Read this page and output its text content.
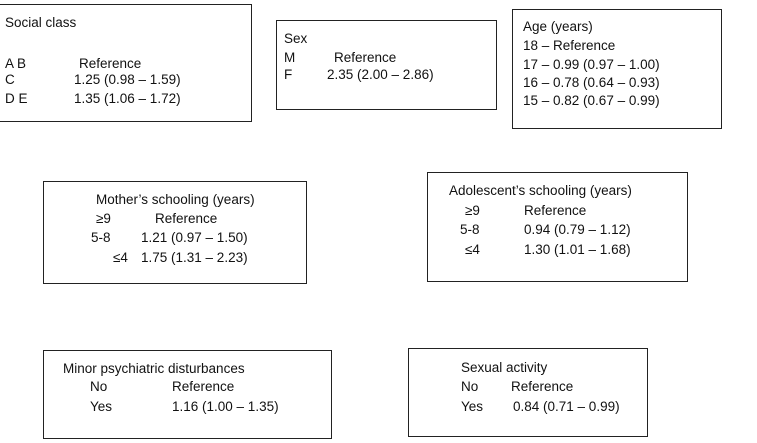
Social class
A B	Reference
C	1.25 (0.98 – 1.59)
D E	1.35 (1.06 – 1.72)
Sex
M	Reference
F	2.35 (2.00 – 2.86)
Age (years)
18 – Reference
17 – 0.99 (0.97 – 1.00)
16 – 0.78 (0.64 – 0.93)
15 – 0.82 (0.67 – 0.99)
Mother’s schooling (years)
≥9	Reference
5-8 1.21 (0.97 – 1.50)
≤4 1.75 (1.31 – 2.23)
Adolescent’s schooling (years)
≥9	Reference
5-8	0.94 (0.79 – 1.12)
≤4	1.30 (1.01 – 1.68)
Minor psychiatric disturbances
No	Reference
Yes	1.16 (1.00 – 1.35)
Sexual activity
No Reference
Yes 0.84 (0.71 – 0.99)
